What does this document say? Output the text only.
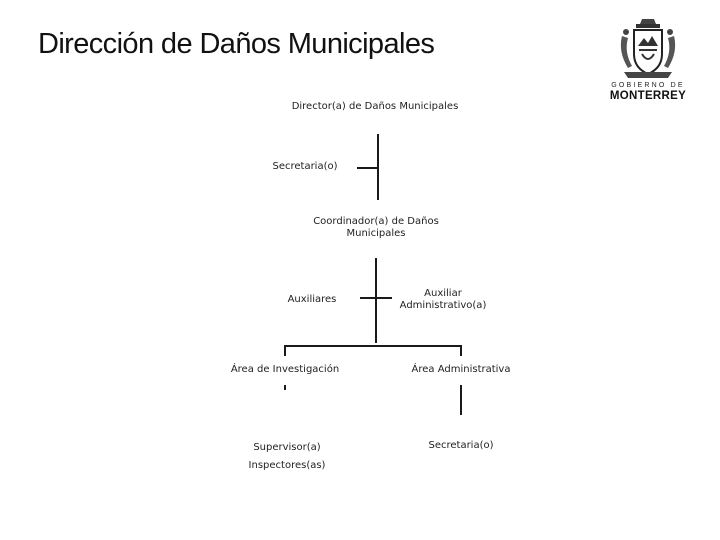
Dirección de Daños Municipales
GOBIERNO DE
MONTERREY
Director(a) de Daños Municipales
Secretaria(o)
Coordinador(a) de Daños
Municipales
Auxiliares
Auxiliar
Administrativo(a)
Área de Investigación	Área Administrativa
Supervisor(a)
Inspectores(as)
Secretaria(o)
